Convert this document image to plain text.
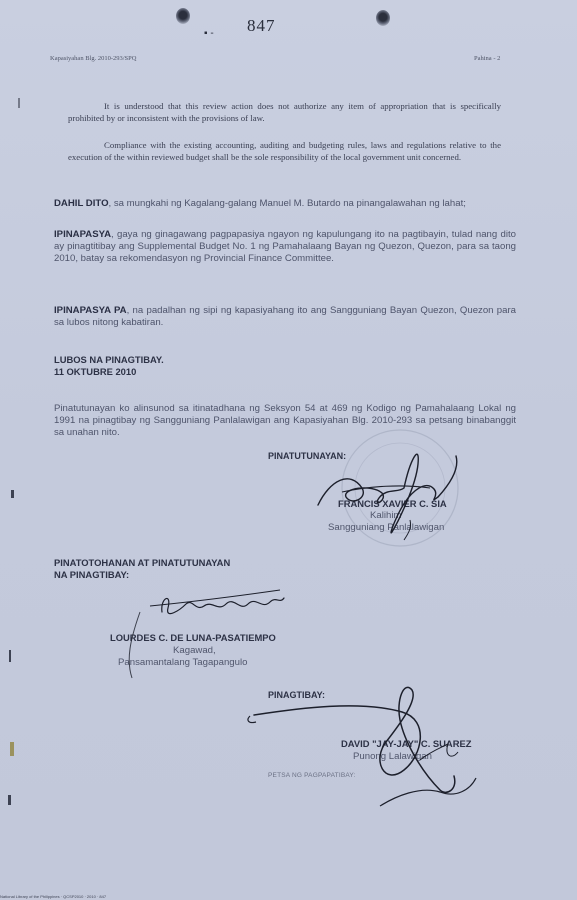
847
▪ -
Kapasiyahan Blg. 2010-293/SPQ	Pahina - 2

It is understood that this review action does not authorize any item of appropriation that is specifically prohibited by or inconsistent with the provisions of law.

Compliance with the existing accounting, auditing and budgeting rules, laws and regulations relative to the execution of the within reviewed budget shall be the sole responsibility of the local government unit concerned.

DAHIL DITO, sa mungkahi ng Kagalang-galang Manuel M. Butardo na pinangalawahan ng lahat;

IPINAPASYA, gaya ng ginagawang pagpapasiya ngayon ng kapulungang ito na pagtibayin, tulad nang dito ay pinagtitibay ang Supplemental Budget No. 1 ng Pamahalaang Bayan ng Quezon, Quezon, para sa taong 2010, batay sa rekomendasyon ng Provincial Finance Committee.

IPINAPASYA PA, na padalhan ng sipi ng kapasiyahang ito ang Sangguniang Bayan Quezon, Quezon para sa lubos nitong kabatiran.

LUBOS NA PINAGTIBAY.
11 OKTUBRE 2010

Pinatutunayan ko alinsunod sa itinatadhana ng Seksyon 54 at 469 ng Kodigo ng Pamahalaang Lokal ng 1991 na pinagtibay ng Sangguniang Panlalawigan ang Kapasiyahan Blg. 2010-293 sa petsang binabanggit sa unahan nito.

PINATUTUNAYAN:
FRANCIS XAVIER C. SIA
Kalihim
Sangguniang Panlalawigan
PINATOTOHANAN AT PINATUTUNAYAN
NA PINAGTIBAY:
LOURDES C. DE LUNA-PASATIEMPO
Kagawad,
Pansamantalang Tagapangulo
PINAGTIBAY:
DAVID "JAY-JAY" C. SUAREZ
Punong Lalawigan
PETSA NG PAGPAPATIBAY:
National Library of the Philippines · QCSP2010 · 2010 · 847
